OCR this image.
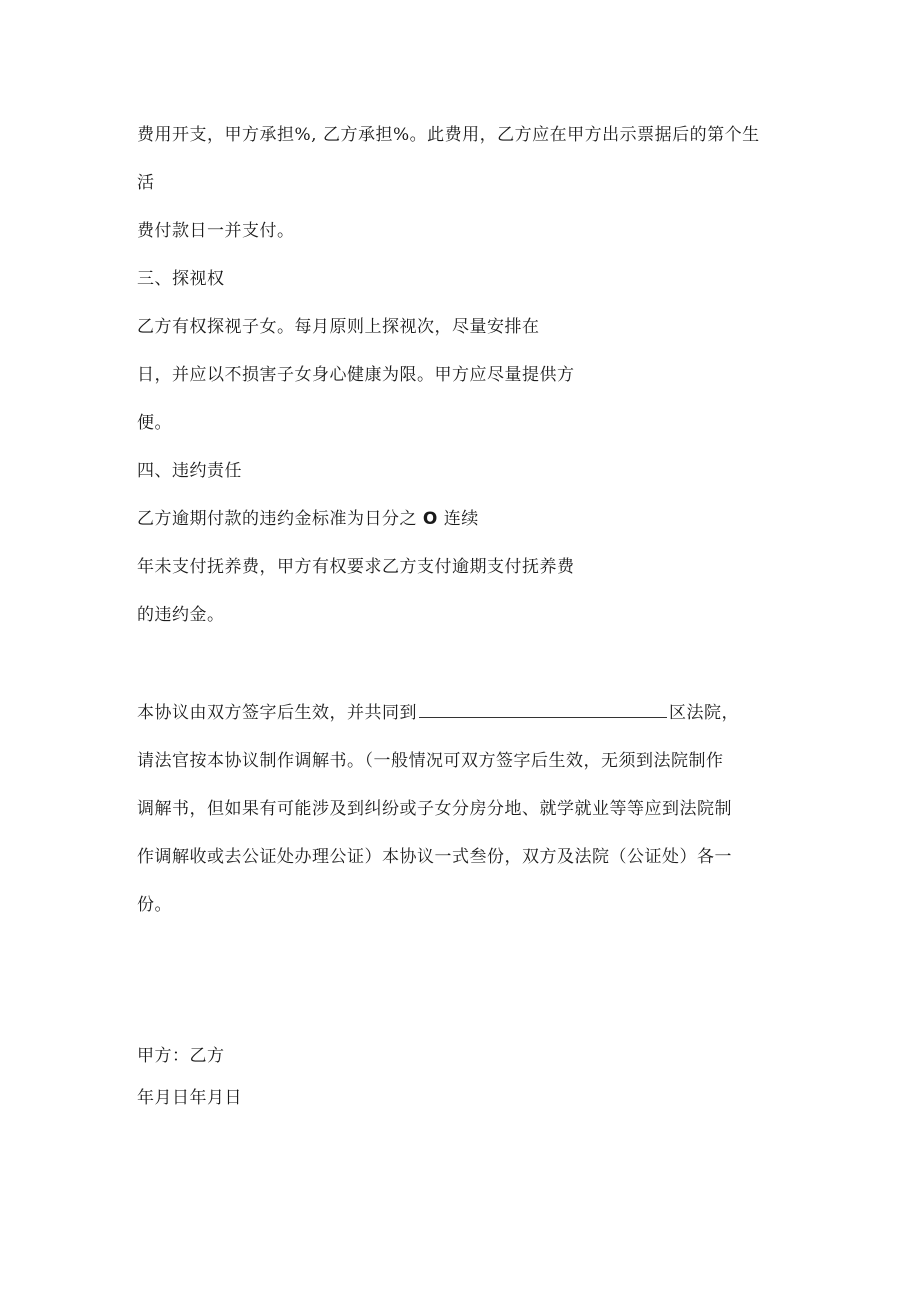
费用开支，甲方承担%, 乙方承担%。此费用，乙方应在甲方出示票据后的第个生
活
费付款日一并支付。
三、探视权
乙方有权探视子女。每月原则上探视次，尽量安排在
日，并应以不损害子女身心健康为限。甲方应尽量提供方
便。
四、违约责任
乙方逾期付款的违约金标准为日分之 O 连续
年未支付抚养费，甲方有权要求乙方支付逾期支付抚养费
的违约金。
本协议由双方签字后生效，并共同到	区法院，
请法官按本协议制作调解书。（一般情况可双方签字后生效，无须到法院制作
调解书，但如果有可能涉及到纠纷或子女分房分地、就学就业等等应到法院制
作调解收或去公证处办理公证）本协议一式叁份，双方及法院（公证处）各一
份。
甲方：乙方
年月日年月日
